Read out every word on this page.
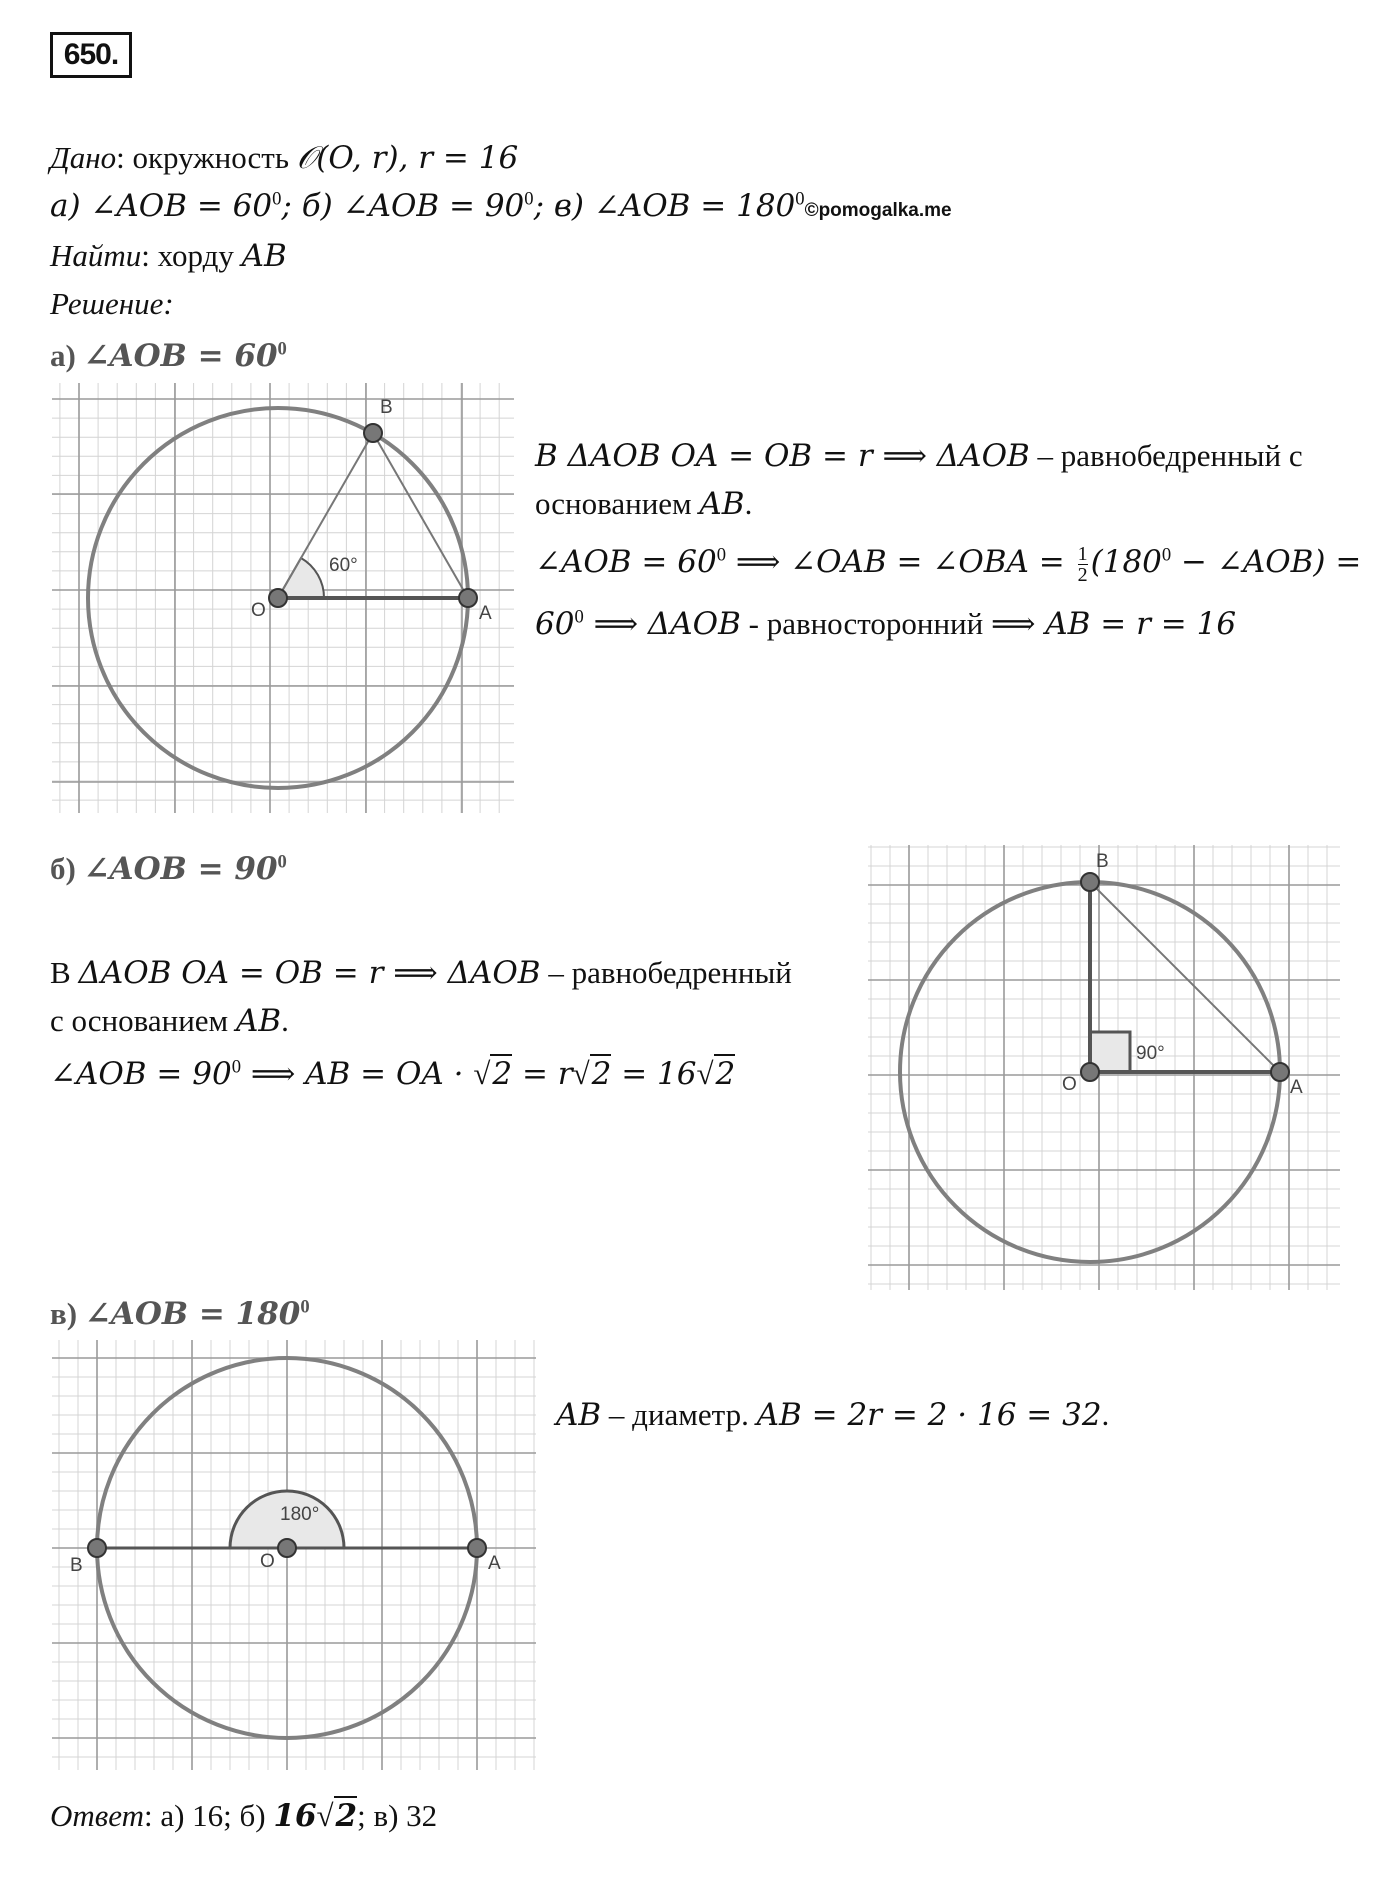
650.
Дано: окружность 𝒪(O, r), r = 16
а) ∠AOB = $60^0$; б) ∠AOB = $90^0$; в) ∠AOB = $180^0©pomogalka.me$
Найти: хорду AB
Решение:
а) ∠AOB = $60^0$
60°
O	A
B
В ΔAOB OA = OB = r ⟹ ΔAOB – равнобедренный с
основанием AB.
∠AOB = $60^0$ ⟹ ∠OAB = ∠OBA = $\frac{1}{2} (180^0$ − ∠AOB) =
$60^0$ ⟹ ΔAOB - равносторонний ⟹ AB = r = 16
б) ∠AOB = $90^0$
В ΔAOB OA = OB = r ⟹ ΔAOB – равнобедренный
с основанием AB.
∠AOB = $90^0$ ⟹ AB = OA · √2 = r√2 = 16√2
90°
O	A
B
в) ∠AOB = $180^0$
180°
O	A
B
AB – диаметр. AB = 2r = 2 · 16 = 32.
Ответ: а) 16; б) 16√2; в) 32
